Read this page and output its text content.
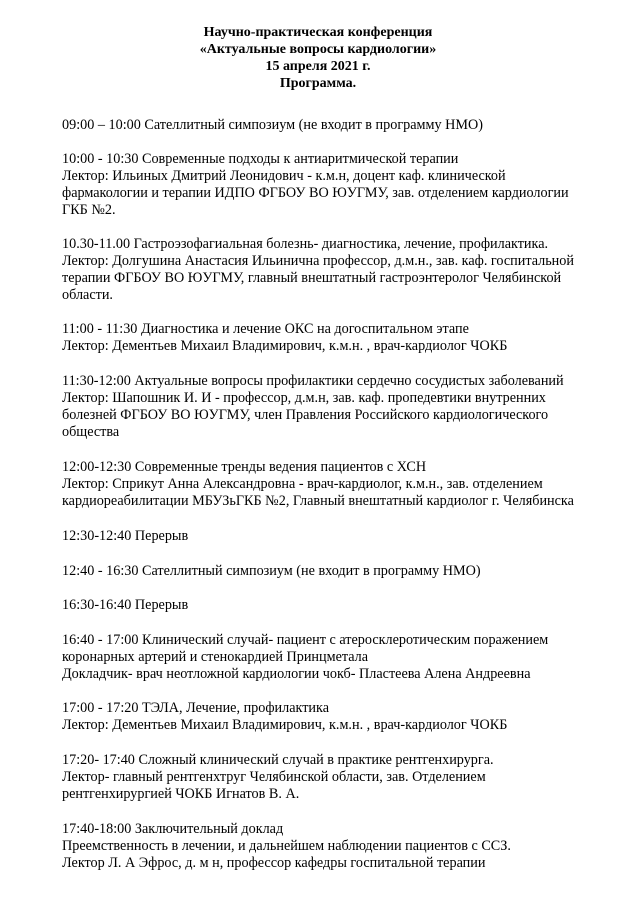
Научно-практическая конференция
«Актуальные вопросы кардиологии»
15 апреля 2021 г.
Программа.
09:00 – 10:00 Сателлитный симпозиум (не входит в программу НМО)
10:00 - 10:30 Современные подходы к антиаритмической терапии
Лектор: Ильиных Дмитрий Леонидович - к.м.н, доцент каф. клинической
фармакологии и терапии ИДПО ФГБОУ ВО ЮУГМУ, зав. отделением кардиологии
ГКБ №2.
10.30-11.00 Гастроэзофагиальная болезнь- диагностика, лечение, профилактика.
Лектор: Долгушина Анастасия Ильинична профессор, д.м.н., зав. каф. госпитальной
терапии ФГБОУ ВО ЮУГМУ, главный внештатный гастроэнтеролог Челябинской
области.
11:00 - 11:30 Диагностика и лечение ОКС на догоспитальном этапе
Лектор: Дементьев Михаил Владимирович, к.м.н. , врач-кардиолог ЧОКБ
11:30-12:00 Актуальные вопросы профилактики сердечно сосудистых заболеваний
Лектор: Шапошник И. И - профессор, д.м.н, зав. каф. пропедевтики внутренних
болезней ФГБОУ ВО ЮУГМУ, член Правления Российского кардиологического
общества
12:00-12:30 Современные тренды ведения пациентов с ХСН
Лектор: Сприкут Анна Александровна - врач-кардиолог, к.м.н., зав. отделением
кардиореабилитации МБУЗьГКБ №2, Главный внештатный кардиолог г. Челябинска
12:30-12:40 Перерыв
12:40 - 16:30 Сателлитный симпозиум (не входит в программу НМО)
16:30-16:40 Перерыв
16:40 - 17:00 Клинический случай- пациент с атеросклеротическим поражением
коронарных артерий и стенокардией Принцметала
Докладчик- врач неотложной кардиологии чокб- Пластеева Алена Андреевна
17:00 - 17:20 ТЭЛА, Лечение, профилактика
Лектор: Дементьев Михаил Владимирович, к.м.н. , врач-кардиолог ЧОКБ
17:20- 17:40 Сложный клинический случай в практике рентгенхирурга.
Лектор- главный рентгенхтруг Челябинской области, зав. Отделением
рентгенхирургией ЧОКБ Игнатов В. А.
17:40-18:00 Заключительный доклад
Преемственность в лечении, и дальнейшем наблюдении пациентов с ССЗ.
Лектор Л. А Эфрос, д. м н, профессор кафедры госпитальной терапии
